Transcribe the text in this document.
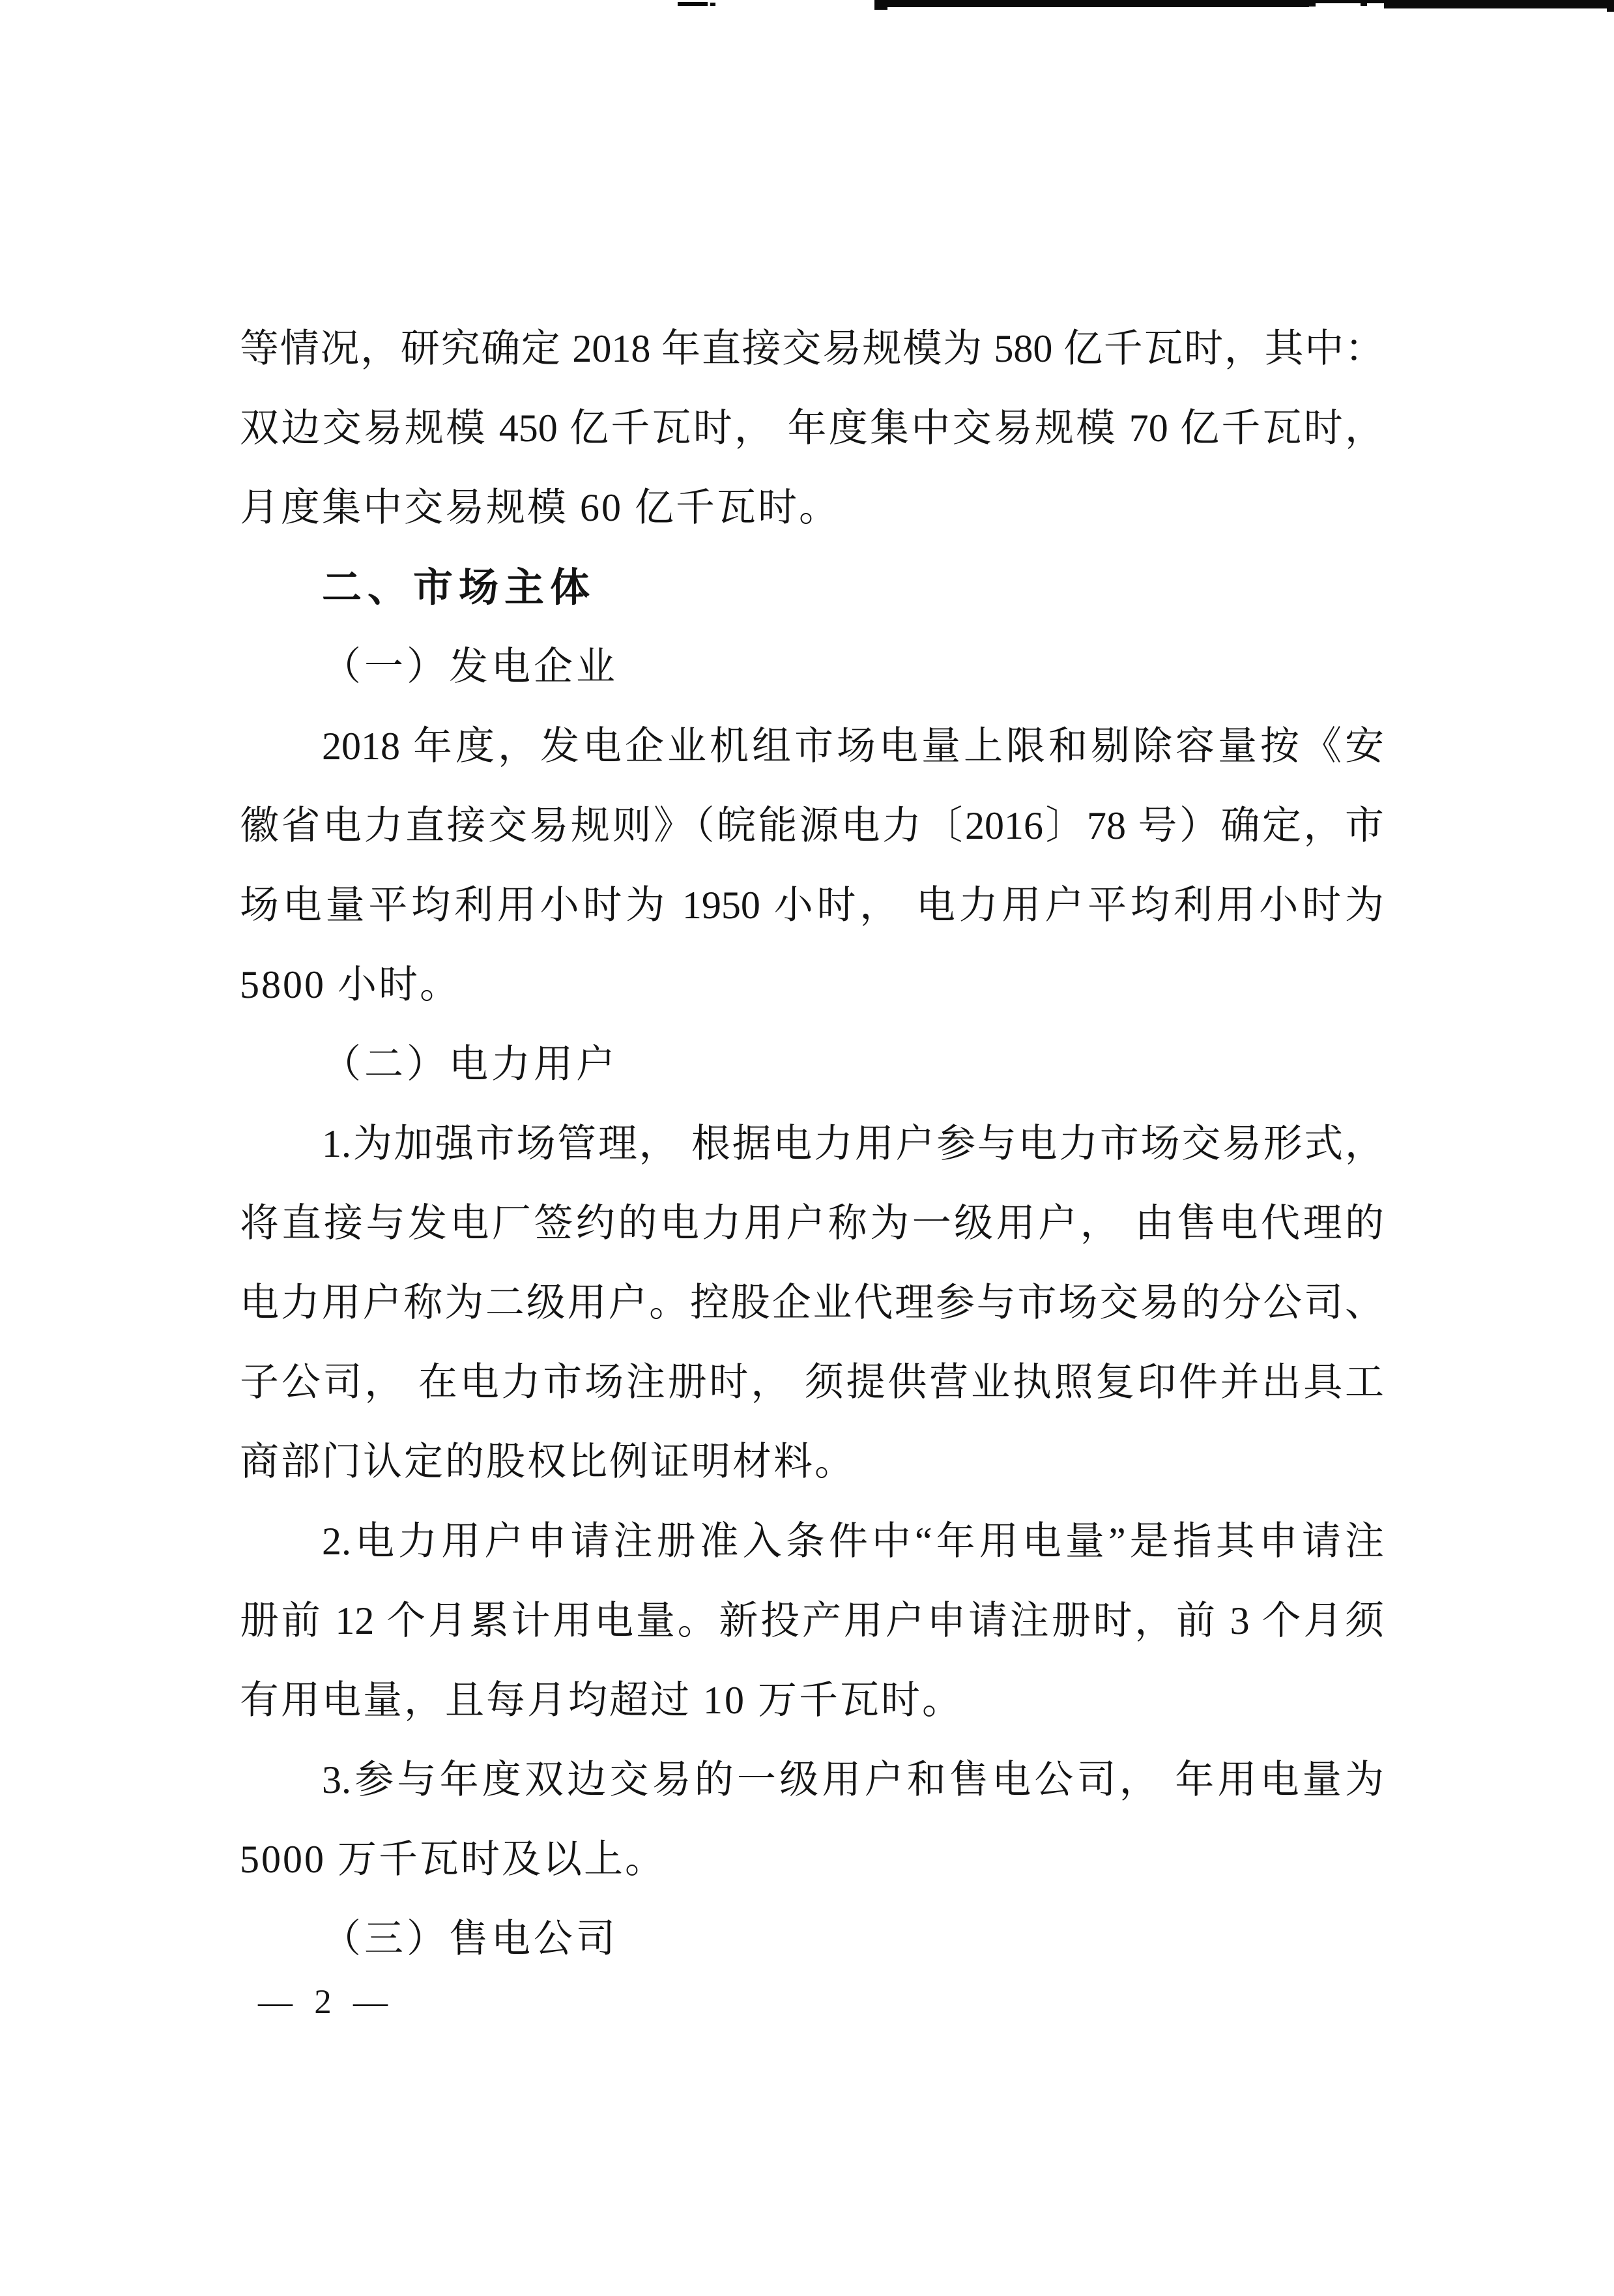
等情况，研究确定 2018 年直接交易规模为 580 亿千瓦时，其中：
双边交易规模 450 亿千瓦时， 年度集中交易规模 70 亿千瓦时，
月度集中交易规模 60 亿千瓦时。
二、市场主体
（一）发电企业
2018 年度，发电企业机组市场电量上限和剔除容量按《安
徽省电力直接交易规则》（皖能源电力〔2016〕78 号）确定，市
场电量平均利用小时为 1950 小时， 电力用户平均利用小时为
5800 小时。
（二）电力用户
1.为加强市场管理， 根据电力用户参与电力市场交易形式，
将直接与发电厂签约的电力用户称为一级用户， 由售电代理的
电力用户称为二级用户。控股企业代理参与市场交易的分公司、
子公司， 在电力市场注册时， 须提供营业执照复印件并出具工
商部门认定的股权比例证明材料。
2.电力用户申请注册准入条件中“年用电量”是指其申请注
册前 12 个月累计用电量。新投产用户申请注册时，前 3 个月须
有用电量，且每月均超过 10 万千瓦时。
3.参与年度双边交易的一级用户和售电公司， 年用电量为
5000 万千瓦时及以上。
（三）售电公司
— 2 —
